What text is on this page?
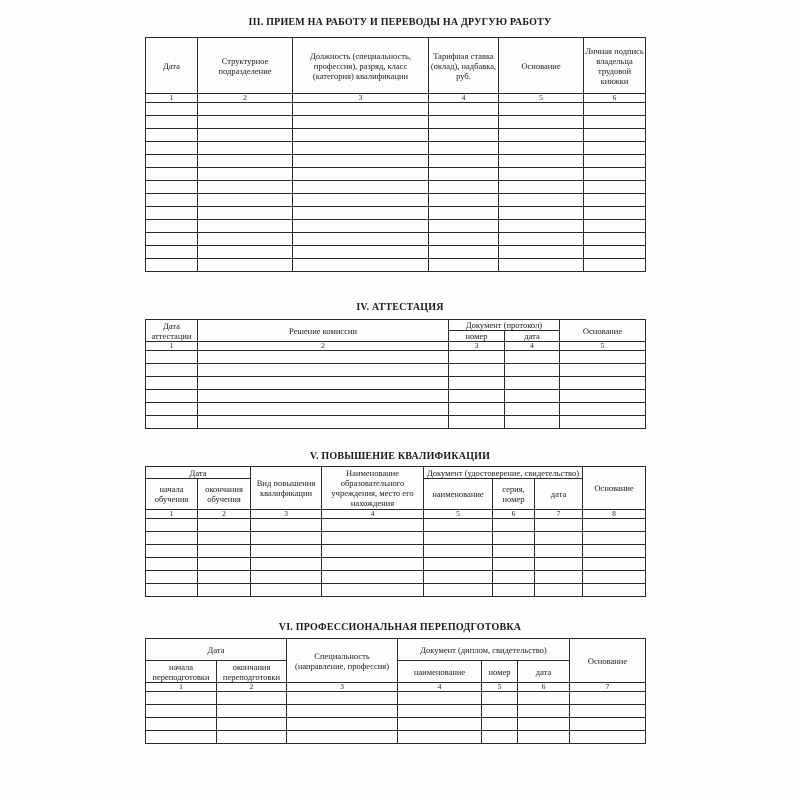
III. ПРИЕМ НА РАБОТУ И ПЕРЕВОДЫ НА ДРУГУЮ РАБОТУ
Дата	Структурное подразделение	Должность (специальность, профессия), разряд, класс (категория) квалификации	Тарифная ставка (оклад), надбавка, руб.	Основание	Личная подпись владельца трудовой книжки
1	2	3	4	5	6

IV. АТТЕСТАЦИЯ
Дата аттестации	Решение комиссии	Документ (протокол)		Основание
		номер	дата	
1	2	3	4	5

V. ПОВЫШЕНИЕ КВАЛИФИКАЦИИ
Дата		Вид повышения квалификации	Наименование образовательного учреждения, место его нахождения	Документ (удостоверение, свидетельство)			Основание
начала обучения	окончания обучения			наименование	серия, номер	дата	
1	2	3	4	5	6	7	8

VI. ПРОФЕССИОНАЛЬНАЯ ПЕРЕПОДГОТОВКА
Дата		Специальность (направление, профессия)	Документ (диплом, свидетельство)			Основание
начала переподготовки	окончания переподготовки		наименование	номер	дата	
1	2	3	4	5	6	7
